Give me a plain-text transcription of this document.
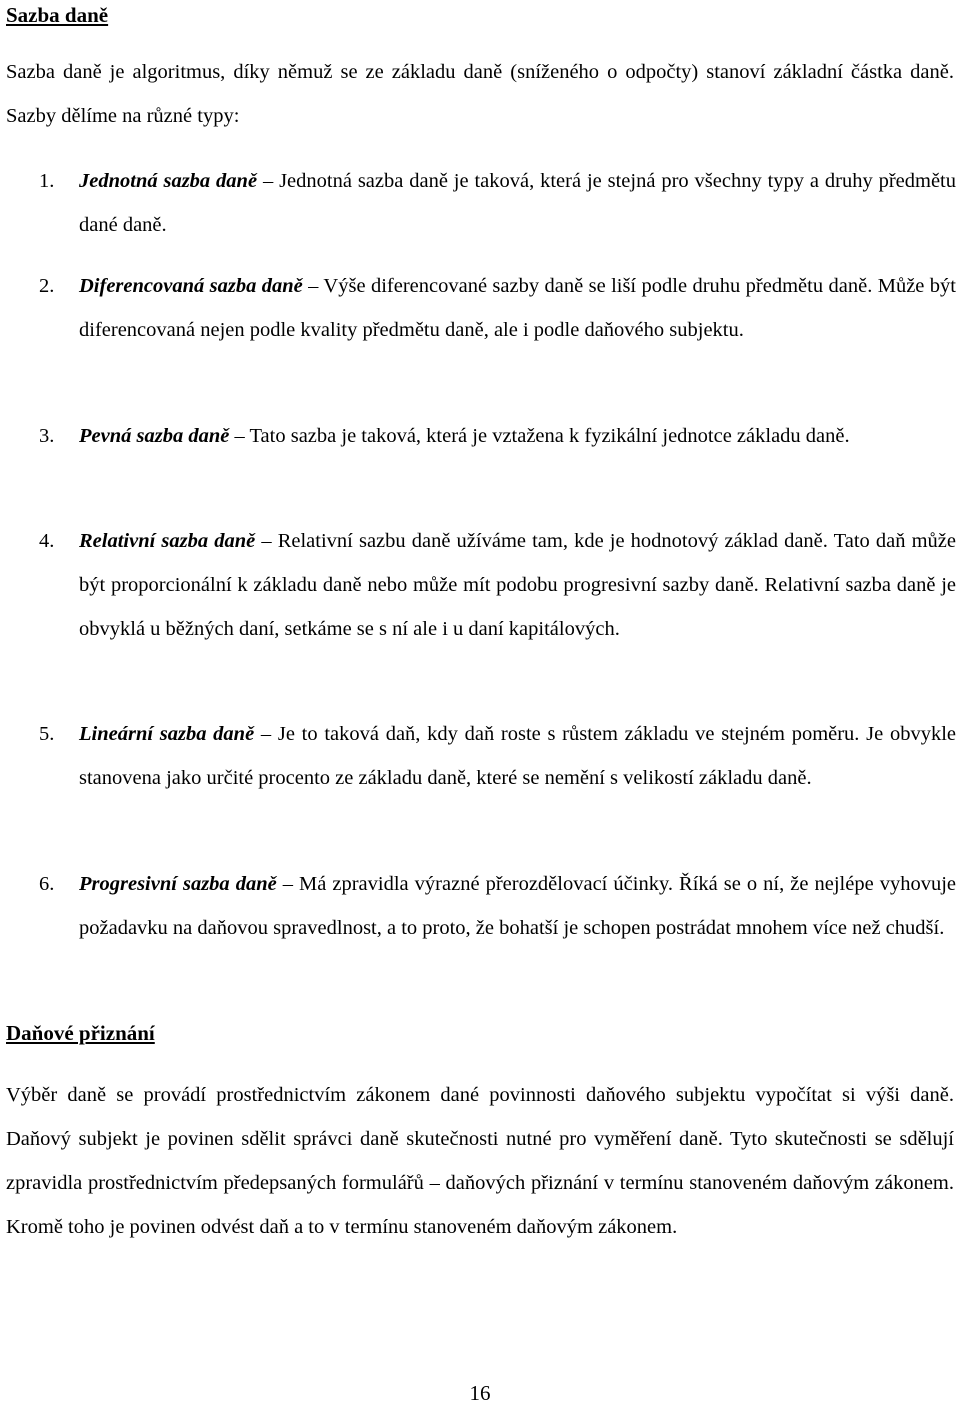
Sazba daně
Sazba daně je algoritmus, díky němuž se ze základu daně (sníženého o odpočty) stanoví základní částka daně. Sazby dělíme na různé typy:
1.	Jednotná sazba daně – Jednotná sazba daně je taková, která je stejná pro všechny typy a druhy předmětu dané daně.
2.	Diferencovaná sazba daně – Výše diferencované sazby daně se liší podle druhu předmětu daně. Může být diferencovaná nejen podle kvality předmětu daně, ale i podle daňového subjektu.
3.	Pevná sazba daně – Tato sazba je taková, která je vztažena k fyzikální jednotce základu daně.
4.	Relativní sazba daně – Relativní sazbu daně užíváme tam, kde je hodnotový základ daně. Tato daň může být proporcionální k základu daně nebo může mít podobu progresivní sazby daně. Relativní sazba daně je obvyklá u běžných daní, setkáme se s ní ale i u daní kapitálových.
5.	Lineární sazba daně – Je to taková daň, kdy daň roste s růstem základu ve stejném poměru. Je obvykle stanovena jako určité procento ze základu daně, které se nemění s velikostí základu daně.
6.	Progresivní sazba daně – Má zpravidla výrazné přerozdělovací účinky. Říká se o ní, že nejlépe vyhovuje požadavku na daňovou spravedlnost, a to proto, že bohatší je schopen postrádat mnohem více než chudší.
Daňové přiznání
Výběr daně se provádí prostřednictvím zákonem dané povinnosti daňového subjektu vypočítat si výši daně. Daňový subjekt je povinen sdělit správci daně skutečnosti nutné pro vyměření daně. Tyto skutečnosti se sdělují zpravidla prostřednictvím předepsaných formulářů – daňových přiznání v termínu stanoveném daňovým zákonem. Kromě toho je povinen odvést daň a to v termínu stanoveném daňovým zákonem.
16
